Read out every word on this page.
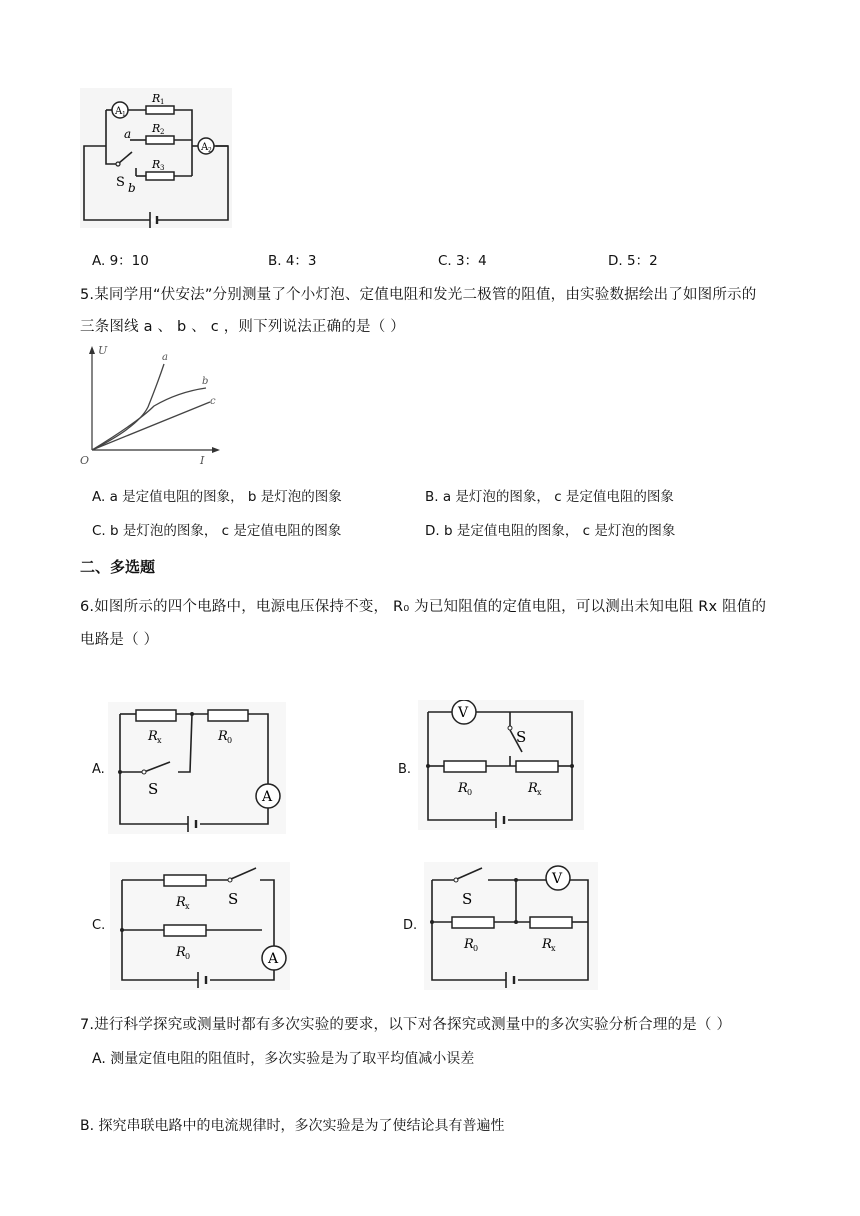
A 1
R 1
R 2
a
A 2
S b
R 3
A. 9：10	B. 4：3	C. 3：4	D. 5：2
5.某同学用“伏安法”分别测量了个小灯泡、定值电阻和发光二极管的阻值，由实验数据绘出了如图所示的
三条图线 a 、 b 、 c ，则下列说法正确的是（ ）
U
I
O
a
b
c
A. a 是定值电阻的图象， b 是灯泡的图象	B. a 是灯泡的图象， c 是定值电阻的图象
C. b 是灯泡的图象， c 是定值电阻的图象	D. b 是定值电阻的图象， c 是灯泡的图象
二、多选题
6.如图所示的四个电路中，电源电压保持不变， R₀ 为已知阻值的定值电阻，可以测出未知电阻 Rx 阻值的
电路是（ ）
A.	B.
C.	D.
A
S
R x	R 0
V
S
R 0	R x
S
A
R x
R 0
V
S
R 0	R x
7.进行科学探究或测量时都有多次实验的要求，以下对各探究或测量中的多次实验分析合理的是（ ）
A. 测量定值电阻的阻值时，多次实验是为了取平均值减小误差
B. 探究串联电路中的电流规律时，多次实验是为了使结论具有普遍性
